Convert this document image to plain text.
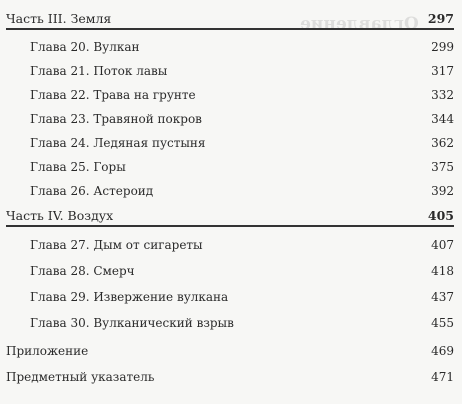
Оглавление
Часть III. Земля	297
Глава 20. Вулкан	299
Глава 21. Поток лавы	317
Глава 22. Трава на грунте	332
Глава 23. Травяной покров	344
Глава 24. Ледяная пустыня	362
Глава 25. Горы	375
Глава 26. Астероид	392
Часть IV. Воздух	405
Глава 27. Дым от сигареты	407
Глава 28. Смерч	418
Глава 29. Извержение вулкана	437
Глава 30. Вулканический взрыв	455
Приложение	469
Предметный указатель	471
